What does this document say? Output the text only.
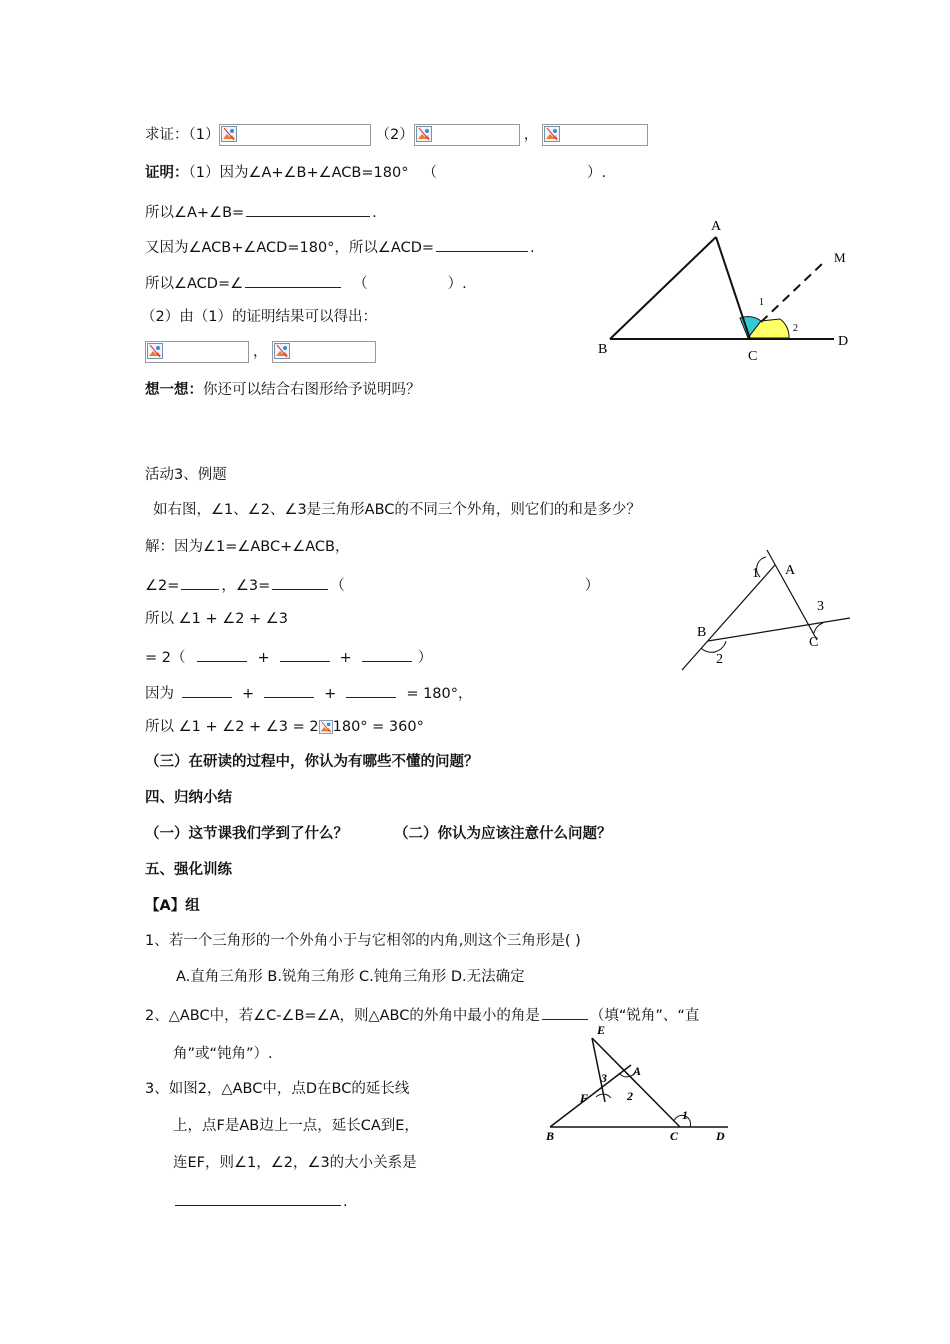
求证：（1）	（2）	，
证明：（1）因为∠A+∠B+∠ACB=180° （	）.
所以∠A+∠B=	.
又因为∠ACB+∠ACD=180°，所以∠ACD=	.
所以∠ACD=∠	（	）.
（2）由（1）的证明结果可以得出：
，
想一想：你还可以结合右图形给予说明吗？
A
B	C
D
M
1
2
活动3、例题
如右图，∠1、∠2、∠3是三角形ABC的不同三个外角，则它们的和是多少？
解：因为∠1=∠ABC+∠ACB，
∠2=	，∠3=	（	）
所以 ∠1 + ∠2 + ∠3
= 2（	+	+	）
因为	+	+	= 180°，
所以 ∠1 + ∠2 + ∠3 = 2 180° = 360°
A
B
C
1
2
3
（三）在研读的过程中，你认为有哪些不懂的问题？
四、归纳小结
（一）这节课我们学到了什么？	（二）你认为应该注意什么问题？
五、强化训练
【A】组
1、若一个三角形的一个外角小于与它相邻的内角,则这个三角形是( )
A.直角三角形 B.锐角三角形 C.钝角三角形 D.无法确定
2、△ABC中，若∠C-∠B=∠A，则△ABC的外角中最小的角是	（填“锐角”、“直
角”或“钝角”）.
3、如图2，△ABC中，点D在BC的延长线
上，点F是AB边上一点，延长CA到E，
连EF，则∠1，∠2，∠3的大小关系是
.
E
A
F
B	C	D
3
2
1
